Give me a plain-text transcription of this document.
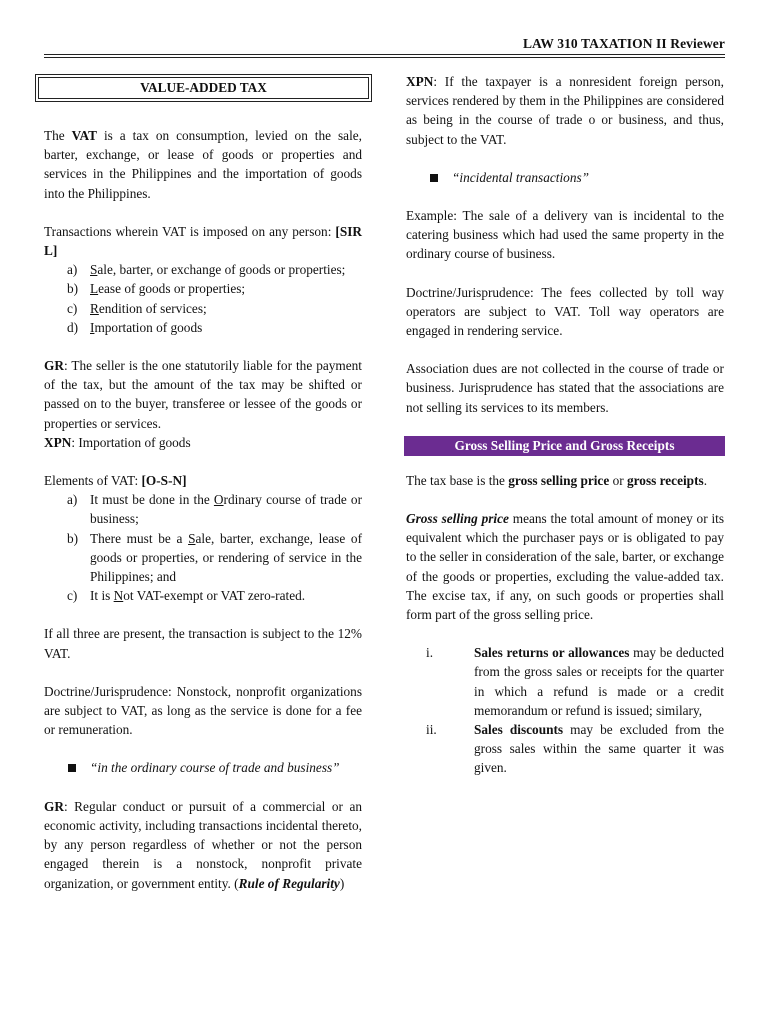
LAW 310 TAXATION II Reviewer
VALUE-ADDED TAX

The VAT is a tax on consumption, levied on the sale, barter, exchange, or lease of goods or properties and services in the Philippines and the importation of goods into the Philippines.

Transactions wherein VAT is imposed on any person: [SIR L]

a) Sale, barter, or exchange of goods or properties;
b) Lease of goods or properties;
c) Rendition of services;
d) Importation of goods

GR: The seller is the one statutorily liable for the payment of the tax, but the amount of the tax may be shifted or passed on to the buyer, transferee or lessee of the goods or properties or services.

XPN: Importation of goods

Elements of VAT: [O-S-N]

a) It must be done in the Ordinary course of trade or business;
b) There must be a Sale, barter, exchange, lease of goods or properties, or rendering of service in the Philippines; and
c) It is Not VAT-exempt or VAT zero-rated.

If all three are present, the transaction is subject to the 12% VAT.

Doctrine/Jurisprudence: Nonstock, nonprofit organizations are subject to VAT, as long as the service is done for a fee or remuneration.

“in the ordinary course of trade and business”

GR: Regular conduct or pursuit of a commercial or an economic activity, including transactions incidental thereto, by any person regardless of whether or not the person engaged therein is a nonstock, nonprofit private organization, or government entity. (Rule of Regularity)

XPN: If the taxpayer is a nonresident foreign person, services rendered by them in the Philippines are considered as being in the course of trade o or business, and thus, subject to the VAT.

“incidental transactions”

Example: The sale of a delivery van is incidental to the catering business which had used the same property in the ordinary course of business.

Doctrine/Jurisprudence: The fees collected by toll way operators are subject to VAT. Toll way operators are engaged in rendering service.

Association dues are not collected in the course of trade or business. Jurisprudence has stated that the associations are not selling its services to its members.

Gross Selling Price and Gross Receipts

The tax base is the gross selling price or gross receipts.

Gross selling price means the total amount of money or its equivalent which the purchaser pays or is obligated to pay to the seller in consideration of the sale, barter, or exchange of the goods or properties, excluding the value-added tax. The excise tax, if any, on such goods or properties shall form part of the gross selling price.

i.	Sales returns or allowances may be deducted from the gross sales or receipts for the quarter in which a refund is made or a credit memorandum or refund is issued; similary,
ii.	Sales discounts may be excluded from the gross sales within the same quarter it was given.
